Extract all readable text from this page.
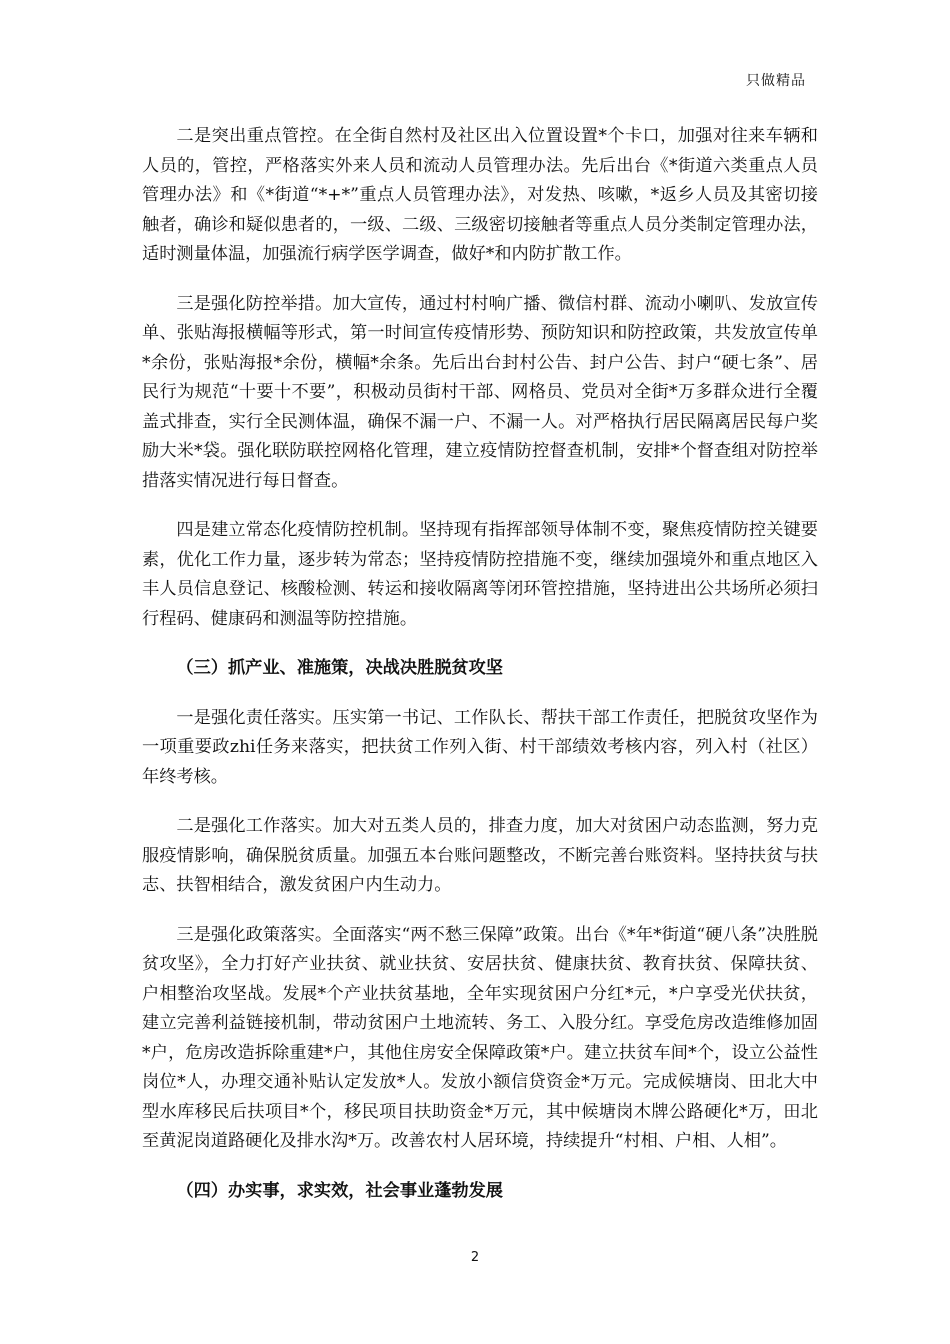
只做精品

二是突出重点管控。在全街自然村及社区出入位置设置*个卡口，加强对往来车辆和人员的，管控，严格落实外来人员和流动人员管理办法。先后出台《*街道六类重点人员管理办法》和《*街道“*+*”重点人员管理办法》，对发热、咳嗽，*返乡人员及其密切接触者，确诊和疑似患者的，一级、二级、三级密切接触者等重点人员分类制定管理办法，适时测量体温，加强流行病学医学调查，做好*和内防扩散工作。

三是强化防控举措。加大宣传，通过村村响广播、微信村群、流动小喇叭、发放宣传单、张贴海报横幅等形式，第一时间宣传疫情形势、预防知识和防控政策，共发放宣传单*余份，张贴海报*余份，横幅*余条。先后出台封村公告、封户公告、封户“硬七条”、居民行为规范“十要十不要”，积极动员街村干部、网格员、党员对全街*万多群众进行全覆盖式排查，实行全民测体温，确保不漏一户、不漏一人。对严格执行居民隔离居民每户奖励大米*袋。强化联防联控网格化管理，建立疫情防控督查机制，安排*个督查组对防控举措落实情况进行每日督查。

四是建立常态化疫情防控机制。坚持现有指挥部领导体制不变，聚焦疫情防控关键要素，优化工作力量，逐步转为常态；坚持疫情防控措施不变，继续加强境外和重点地区入丰人员信息登记、核酸检测、转运和接收隔离等闭环管控措施，坚持进出公共场所必须扫行程码、健康码和测温等防控措施。

（三）抓产业、准施策，决战决胜脱贫攻坚

一是强化责任落实。压实第一书记、工作队长、帮扶干部工作责任，把脱贫攻坚作为一项重要政zhi任务来落实，把扶贫工作列入街、村干部绩效考核内容，列入村（社区）年终考核。

二是强化工作落实。加大对五类人员的，排查力度，加大对贫困户动态监测，努力克服疫情影响，确保脱贫质量。加强五本台账问题整改，不断完善台账资料。坚持扶贫与扶志、扶智相结合，激发贫困户内生动力。

三是强化政策落实。全面落实“两不愁三保障”政策。出台《*年*街道“硬八条”决胜脱贫攻坚》，全力打好产业扶贫、就业扶贫、安居扶贫、健康扶贫、教育扶贫、保障扶贫、户相整治攻坚战。发展*个产业扶贫基地，全年实现贫困户分红*元，*户享受光伏扶贫，建立完善利益链接机制，带动贫困户土地流转、务工、入股分红。享受危房改造维修加固*户，危房改造拆除重建*户，其他住房安全保障政策*户。建立扶贫车间*个，设立公益性岗位*人，办理交通补贴认定发放*人。发放小额信贷资金*万元。完成候塘岗、田北大中型水库移民后扶项目*个，移民项目扶助资金*万元，其中候塘岗木牌公路硬化*万，田北至黄泥岗道路硬化及排水沟*万。改善农村人居环境，持续提升“村相、户相、人相”。

（四）办实事，求实效，社会事业蓬勃发展

2
